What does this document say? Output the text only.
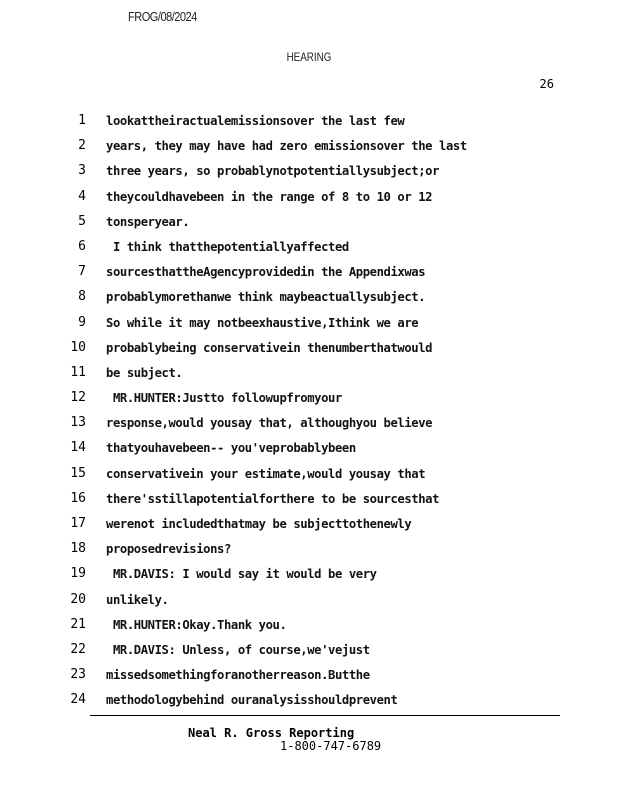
FROG/08/2024
HEARING
26
1 lookattheiractualemissionsover the last few
2 years, they may have had zero emissionsover the last
3 three years, so probablynotpotentiallysubject;or
4 theycouldhavebeen in the range of 8 to 10 or 12
5 tonsperyear.
6 I think thatthepotentiallyaffected
7 sourcesthattheAgencyprovidedin the Appendixwas
8 probablymorethanwe think maybeactuallysubject.
9 So while it may notbeexhaustive,Ithink we are
10 probablybeing conservativein thenumberthatwould
11 be subject.
12 MR.HUNTER:Justto followupfromyour
13 response,would yousay that, althoughyou believe
14 thatyouhavebeen-- you'veprobablybeen
15 conservativein your estimate,would yousay that
16 there'sstillapotentialforthere to be sourcesthat
17 werenot includedthatmay be subjecttothenewly
18 proposedrevisions?
19 MR.DAVIS: I would say it would be very
20 unlikely.
21 MR.HUNTER:Okay.Thank you.
22 MR.DAVIS: Unless, of course,we'vejust
23 missedsomethingforanotherreason.Butthe
24 methodologybehind ouranalysisshouldprevent
Neal R. Gross Reporting
1-800-747-6789
